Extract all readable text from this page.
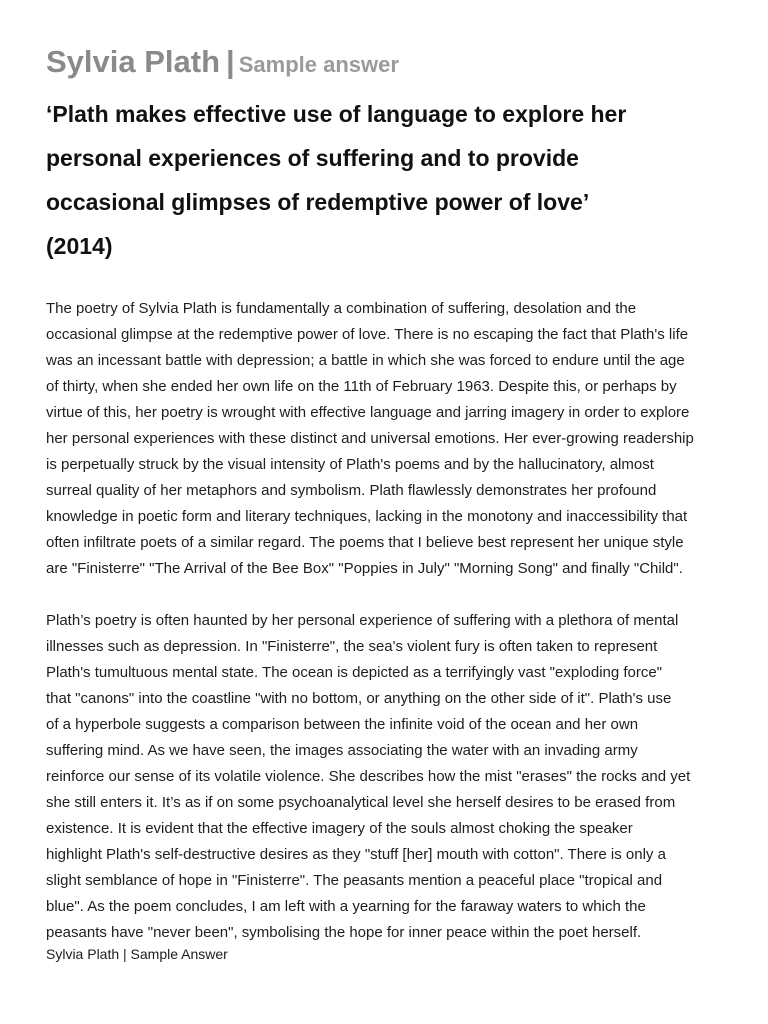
Sylvia Plath | Sample answer
‘Plath makes effective use of language to explore her
personal experiences of suffering and to provide
occasional glimpses of redemptive power of love’
(2014)
The poetry of Sylvia Plath is fundamentally a combination of suffering, desolation and the
occasional glimpse at the redemptive power of love. There is no escaping the fact that Plath's life
was an incessant battle with depression; a battle in which she was forced to endure until the age
of thirty, when she ended her own life on the 11th of February 1963. Despite this, or perhaps by
virtue of this, her poetry is wrought with effective language and jarring imagery in order to explore
her personal experiences with these distinct and universal emotions. Her ever-growing readership
is perpetually struck by the visual intensity of Plath's poems and by the hallucinatory, almost
surreal quality of her metaphors and symbolism. Plath flawlessly demonstrates her profound
knowledge in poetic form and literary techniques, lacking in the monotony and inaccessibility that
often infiltrate poets of a similar regard. The poems that I believe best represent her unique style
are "Finisterre" "The Arrival of the Bee Box" "Poppies in July" "Morning Song" and finally "Child".
Plath’s poetry is often haunted by her personal experience of suffering with a plethora of mental
illnesses such as depression. In "Finisterre", the sea's violent fury is often taken to represent
Plath's tumultuous mental state. The ocean is depicted as a terrifyingly vast "exploding force"
that "canons" into the coastline "with no bottom, or anything on the other side of it". Plath's use
of a hyperbole suggests a comparison between the infinite void of the ocean and her own
suffering mind. As we have seen, the images associating the water with an invading army
reinforce our sense of its volatile violence. She describes how the mist "erases" the rocks and yet
she still enters it. It’s as if on some psychoanalytical level she herself desires to be erased from
existence. It is evident that the effective imagery of the souls almost choking the speaker
highlight Plath's self-destructive desires as they "stuff [her] mouth with cotton". There is only a
slight semblance of hope in "Finisterre". The peasants mention a peaceful place "tropical and
blue". As the poem concludes, I am left with a yearning for the faraway waters to which the
peasants have "never been", symbolising the hope for inner peace within the poet herself.
Sylvia Plath | Sample Answer
